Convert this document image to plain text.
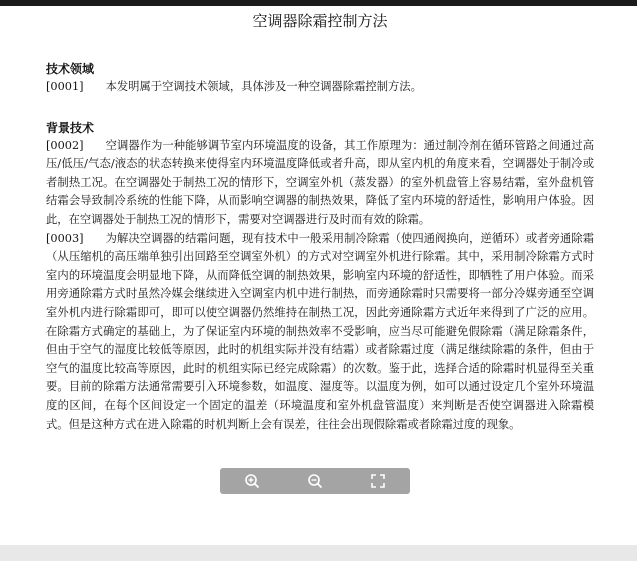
空调器除霜控制方法

技术领域

[0001] 本发明属于空调技术领域，具体涉及一种空调器除霜控制方法。

背景技术

[0002] 空调器作为一种能够调节室内环境温度的设备，其工作原理为：通过制冷剂在循环管路之间通过高压/低压/气态/液态的状态转换来使得室内环境温度降低或者升高，即从室内机的角度来看，空调器处于制冷或者制热工况。在空调器处于制热工况的情形下，空调室外机（蒸发器）的室外机盘管上容易结霜，室外盘机管结霜会导致制冷系统的性能下降，从而影响空调器的制热效果，降低了室内环境的舒适性，影响用户体验。因此，在空调器处于制热工况的情形下，需要对空调器进行及时而有效的除霜。

[0003] 为解决空调器的结霜问题，现有技术中一般采用制冷除霜（使四通阀换向，逆循环）或者旁通除霜（从压缩机的高压端单独引出回路至空调室外机）的方式对空调室外机进行除霜。其中，采用制冷除霜方式时室内的环境温度会明显地下降，从而降低空调的制热效果，影响室内环境的舒适性，即牺牲了用户体验。而采用旁通除霜方式时虽然冷媒会继续进入空调室内机中进行制热，而旁通除霜时只需要将一部分冷媒旁通至空调室外机内进行除霜即可，即可以使空调器仍然维持在制热工况，因此旁通除霜方式近年来得到了广泛的应用。在除霜方式确定的基础上，为了保证室内环境的制热效率不受影响，应当尽可能避免假除霜（满足除霜条件，但由于空气的湿度比较低等原因，此时的机组实际并没有结霜）或者除霜过度（满足继续除霜的条件，但由于空气的温度比较高等原因，此时的机组实际已经完成除霜）的次数。鉴于此，选择合适的除霜时机显得至关重要。目前的除霜方法通常需要引入环境参数，如温度、湿度等。以温度为例，如可以通过设定几个室外环境温度的区间，在每个区间设定一个固定的温差（环境温度和室外机盘管温度）来判断是否使空调器进入除霜模式。但是这种方式在进入除霜的时机判断上会有误差，往往会出现假除霜或者除霜过度的现象。
